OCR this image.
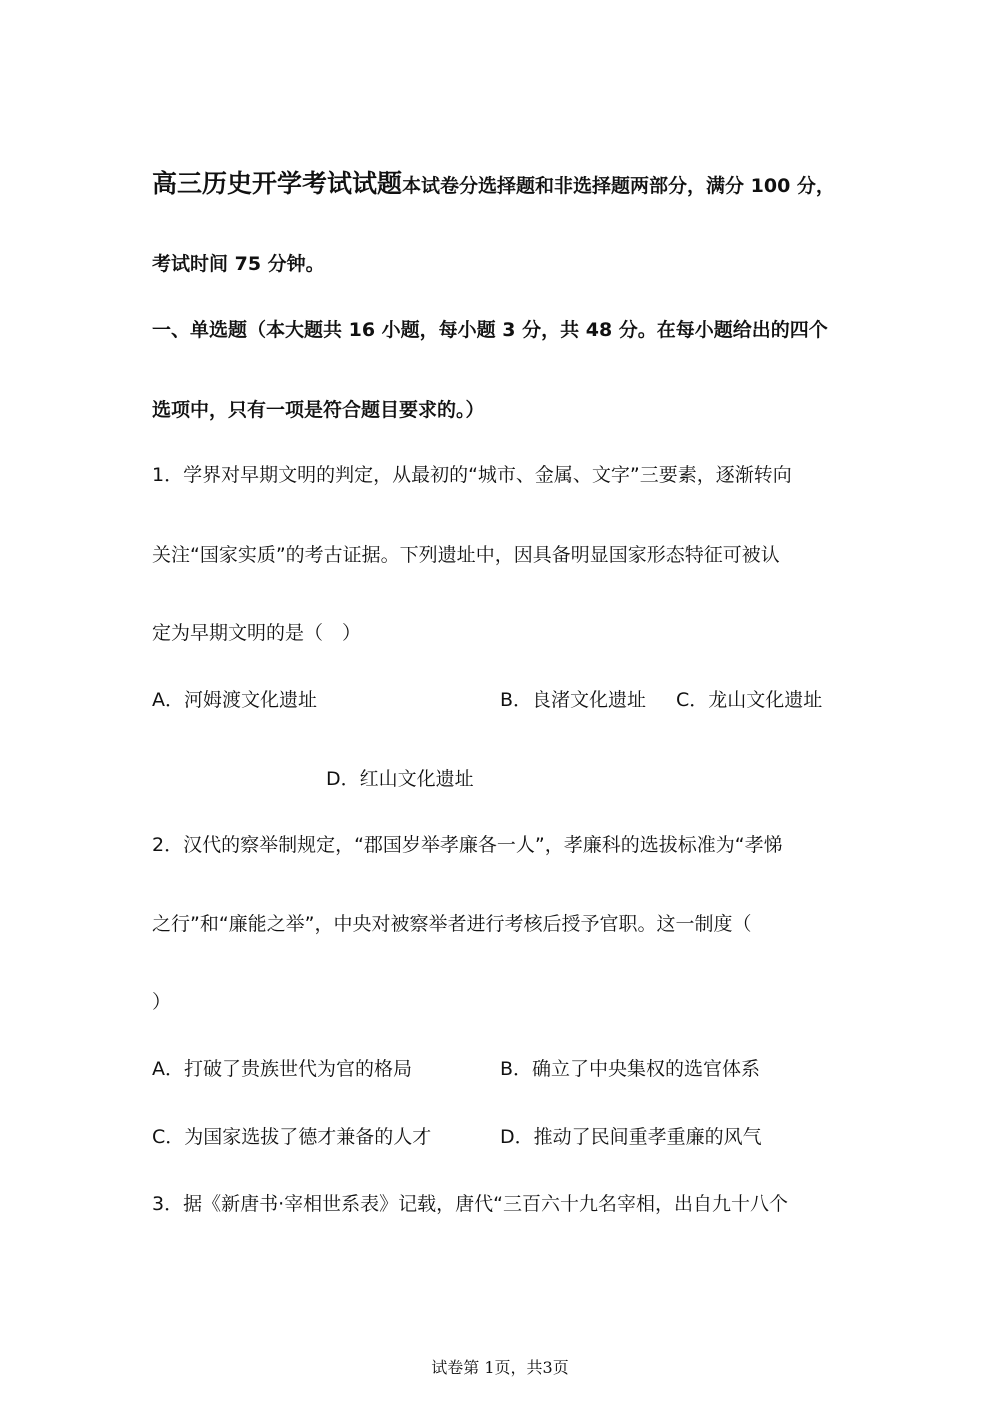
高三历史开学考试试题本试卷分选择题和非选择题两部分，满分 100 分，
考试时间 75 分钟。
一、单选题（本大题共 16 小题，每小题 3 分，共 48 分。在每小题给出的四个
选项中，只有一项是符合题目要求的。）
1．学界对早期文明的判定，从最初的“城市、金属、文字”三要素，逐渐转向
关注“国家实质”的考古证据。下列遗址中，因具备明显国家形态特征可被认
定为早期文明的是（　）
A．河姆渡文化遗址	B．良渚文化遗址 C．龙山文化遗址
D．红山文化遗址
2．汉代的察举制规定，“郡国岁举孝廉各一人”，孝廉科的选拔标准为“孝悌
之行”和“廉能之举”，中央对被察举者进行考核后授予官职。这一制度（
）
A．打破了贵族世代为官的格局	B．确立了中央集权的选官体系
C．为国家选拔了德才兼备的人才	D．推动了民间重孝重廉的风气
3．据《新唐书·宰相世系表》记载，唐代“三百六十九名宰相，出自九十八个
试卷第 1页，共3页
